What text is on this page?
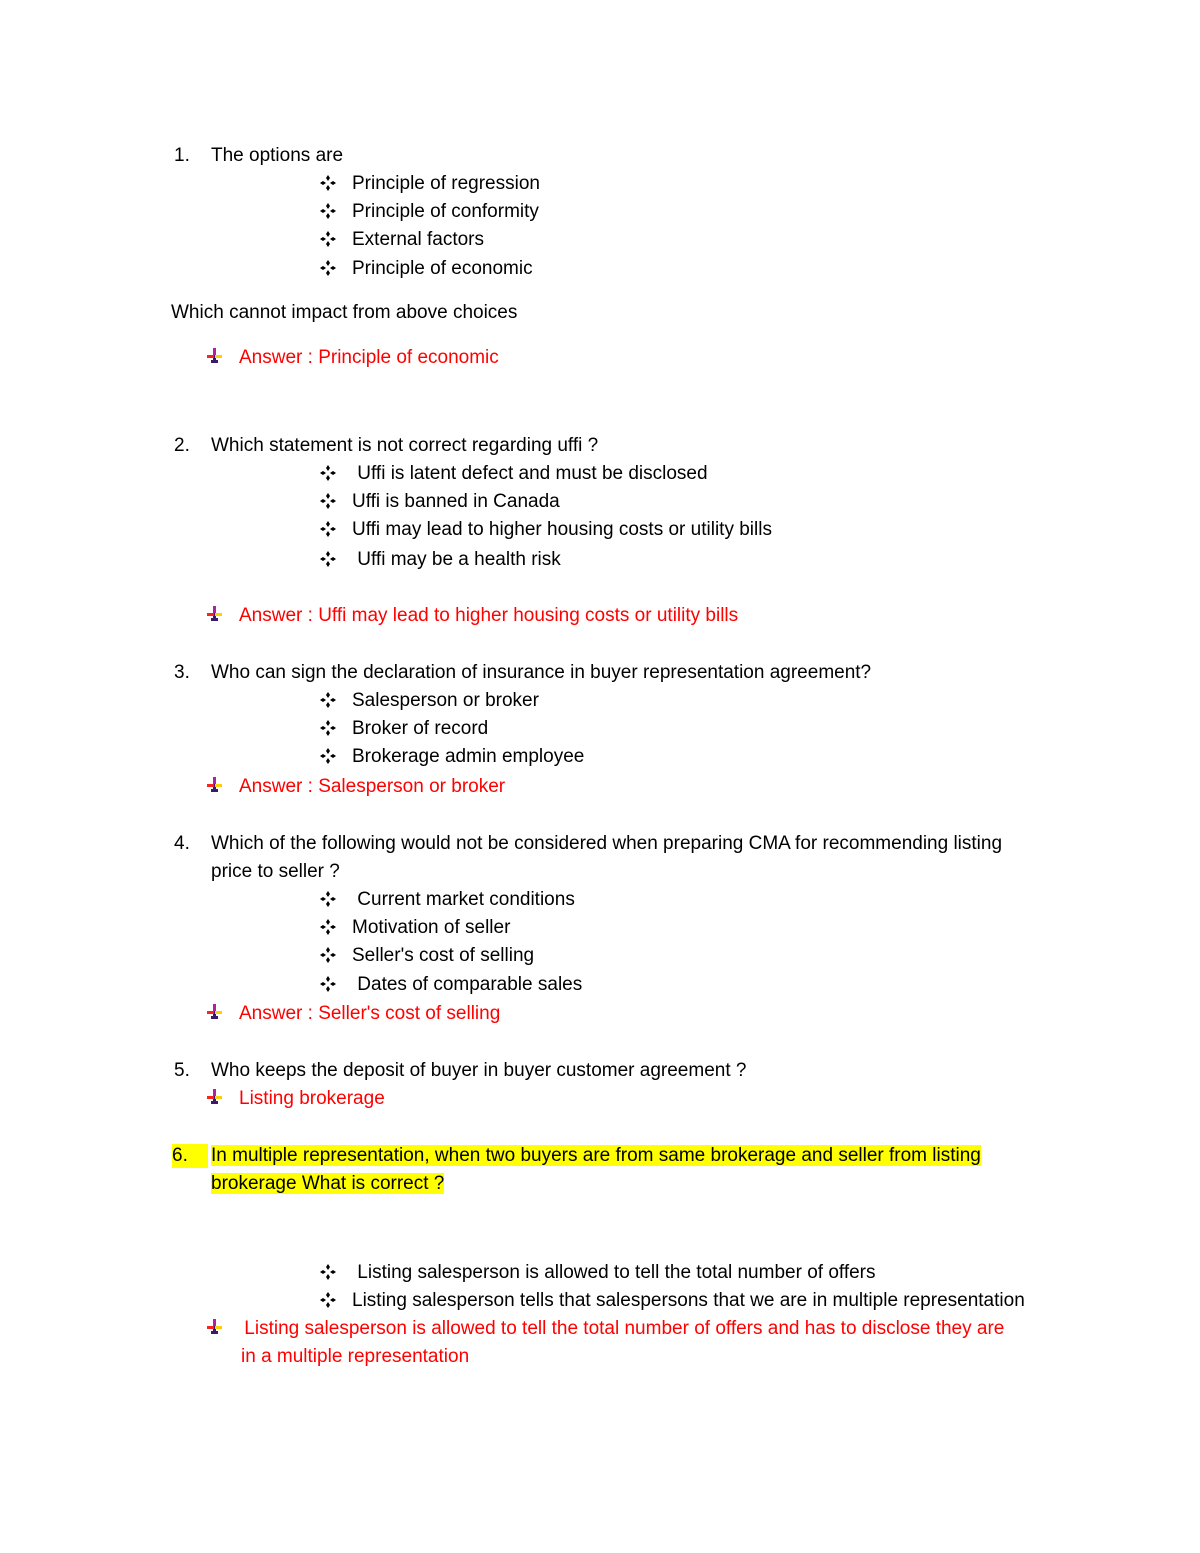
1. The options are
Principle of regression
Principle of conformity
External factors
Principle of economic
Which cannot impact from above choices
Answer : Principle of economic
2. Which statement is not correct regarding uffi ?
Uffi is latent defect and must be disclosed
Uffi is banned in Canada
Uffi may lead to higher housing costs or utility bills
Uffi may be a health risk
Answer : Uffi may lead to higher housing costs or utility bills
3. Who can sign the declaration of insurance in buyer representation agreement?
Salesperson or broker
Broker of record
Brokerage admin employee
Answer : Salesperson or broker
4. Which of the following would not be considered when preparing CMA for recommending listing
price to seller ?
Current market conditions
Motivation of seller
Seller's cost of selling
Dates of comparable sales
Answer : Seller's cost of selling
5. Who keeps the deposit of buyer in buyer customer agreement ?
Listing brokerage
6.	In multiple representation, when two buyers are from same brokerage and seller from listing
brokerage What is correct ?
Listing salesperson is allowed to tell the total number of offers
Listing salesperson tells that salespersons that we are in multiple representation
Listing salesperson is allowed to tell the total number of offers and has to disclose they are
in a multiple representation
